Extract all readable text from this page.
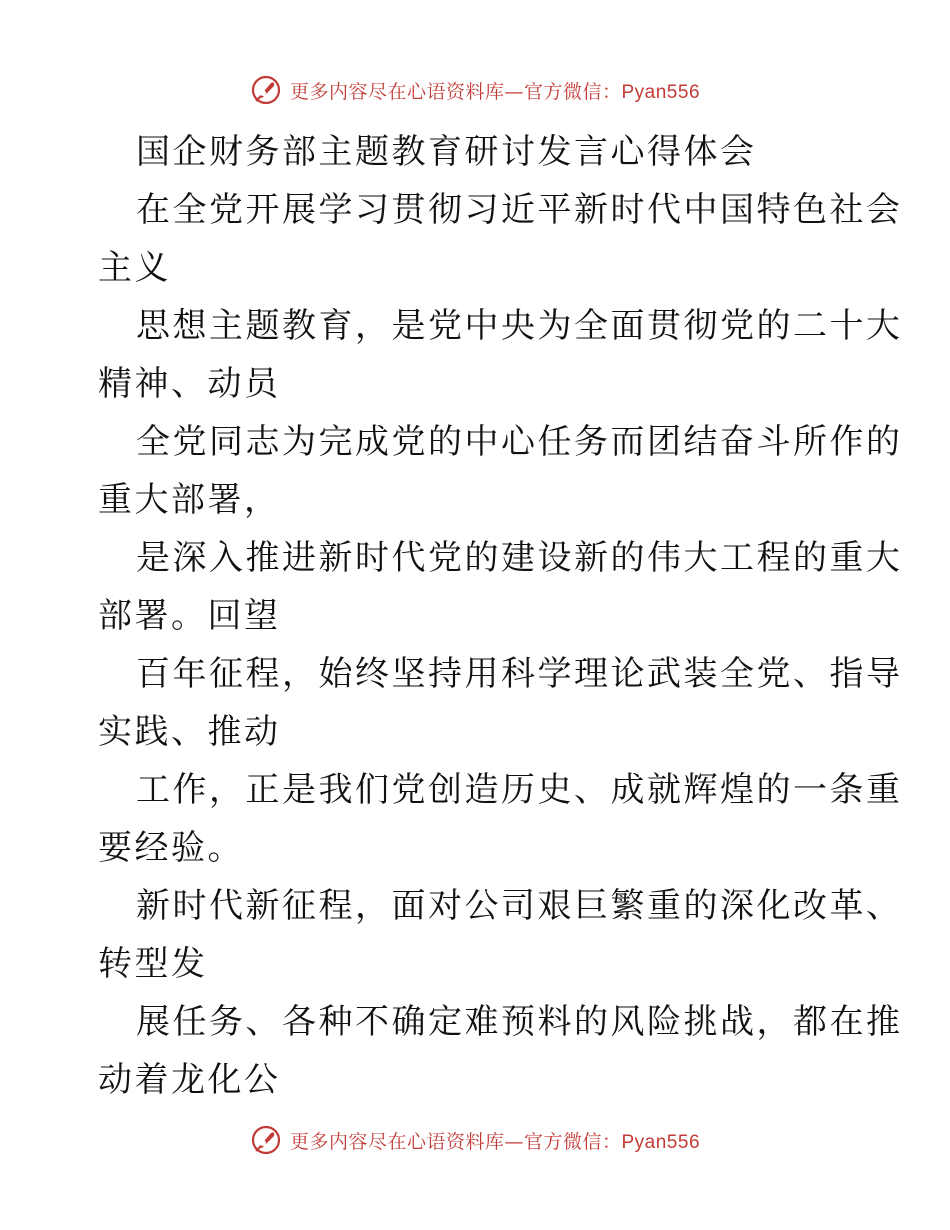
更多内容尽在心语资料库—官方微信：Pyan556
国企财务部主题教育研讨发言心得体会
在全党开展学习贯彻习近平新时代中国特色社会
主义
思想主题教育，是党中央为全面贯彻党的二十大
精神、动员
全党同志为完成党的中心任务而团结奋斗所作的
重大部署，
是深入推进新时代党的建设新的伟大工程的重大
部署。回望
百年征程，始终坚持用科学理论武装全党、指导
实践、推动
工作，正是我们党创造历史、成就辉煌的一条重
要经验。
新时代新征程，面对公司艰巨繁重的深化改革、
转型发
展任务、各种不确定难预料的风险挑战，都在推
动着龙化公
更多内容尽在心语资料库—官方微信：Pyan556
